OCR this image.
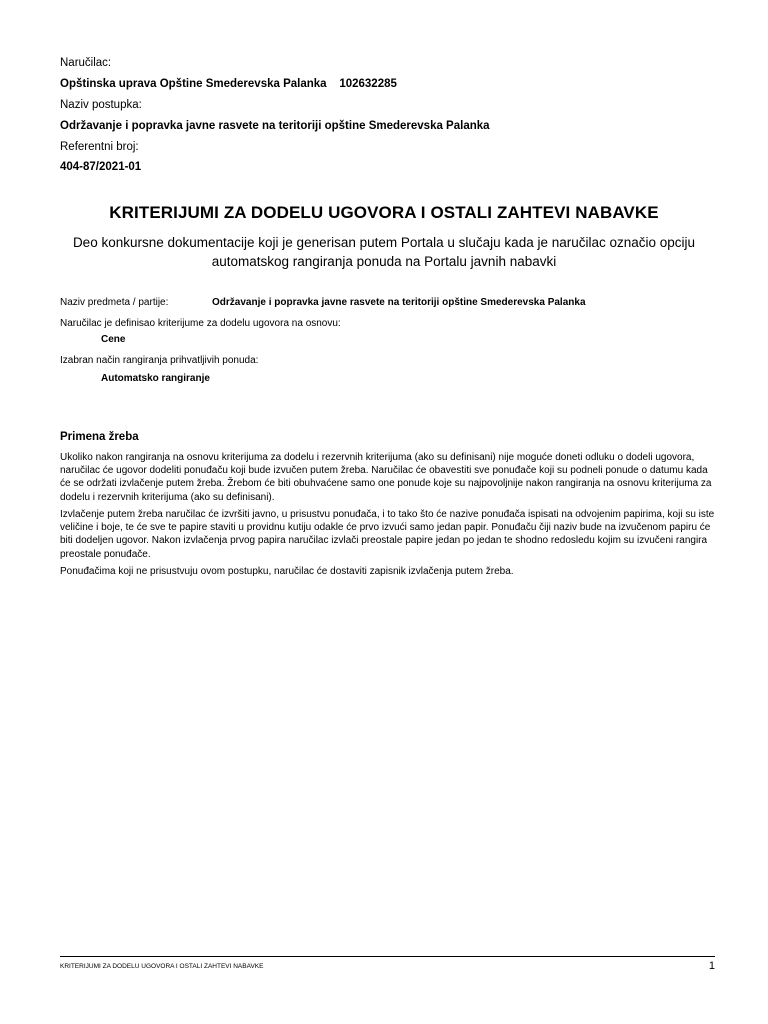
Naručilac:
Opštinska uprava Opštine Smederevska Palanka    102632285
Naziv postupka:
Održavanje i popravka javne rasvete na teritoriji opštine Smederevska Palanka
Referentni broj:
404-87/2021-01
KRITERIJUMI ZA DODELU UGOVORA I OSTALI ZAHTEVI NABAVKE
Deo konkursne dokumentacije koji je generisan putem Portala u slučaju kada je naručilac označio opciju automatskog rangiranja ponuda na Portalu javnih nabavki
Naziv predmeta / partije:	Održavanje i popravka javne rasvete na teritoriji opštine Smederevska Palanka
Naručilac je definisao kriterijume za dodelu ugovora na osnovu:
Cene
Izabran način rangiranja prihvatljivih ponuda:
Automatsko rangiranje
Primena žreba
Ukoliko nakon rangiranja na osnovu kriterijuma za dodelu i rezervnih kriterijuma (ako su definisani) nije moguće doneti odluku o dodeli ugovora, naručilac će ugovor dodeliti ponuđaču koji bude izvučen putem žreba. Naručilac će obavestiti sve ponuđače koji su podneli ponude o datumu kada će se održati izvlačenje putem žreba. Žrebom će biti obuhvaćene samo one ponude koje su najpovoljnije nakon rangiranja na osnovu kriterijuma za dodelu i rezervnih kriterijuma (ako su definisani).
Izvlačenje putem žreba naručilac će izvršiti javno, u prisustvu ponuđača, i to tako što će nazive ponuđača ispisati na odvojenim papirima, koji su iste veličine i boje, te će sve te papire staviti u providnu kutiju odakle će prvo izvući samo jedan papir. Ponuđaču čiji naziv bude na izvučenom papiru će biti dodeljen ugovor. Nakon izvlačenja prvog papira naručilac izvlači preostale papire jedan po jedan te shodno redosledu kojim su izvučeni rangira preostale ponuđače.
Ponuđačima koji ne prisustvuju ovom postupku, naručilac će dostaviti zapisnik izvlačenja putem žreba.
KRITERIJUMI ZA DODELU UGOVORA I OSTALI ZAHTEVI NABAVKE	1
